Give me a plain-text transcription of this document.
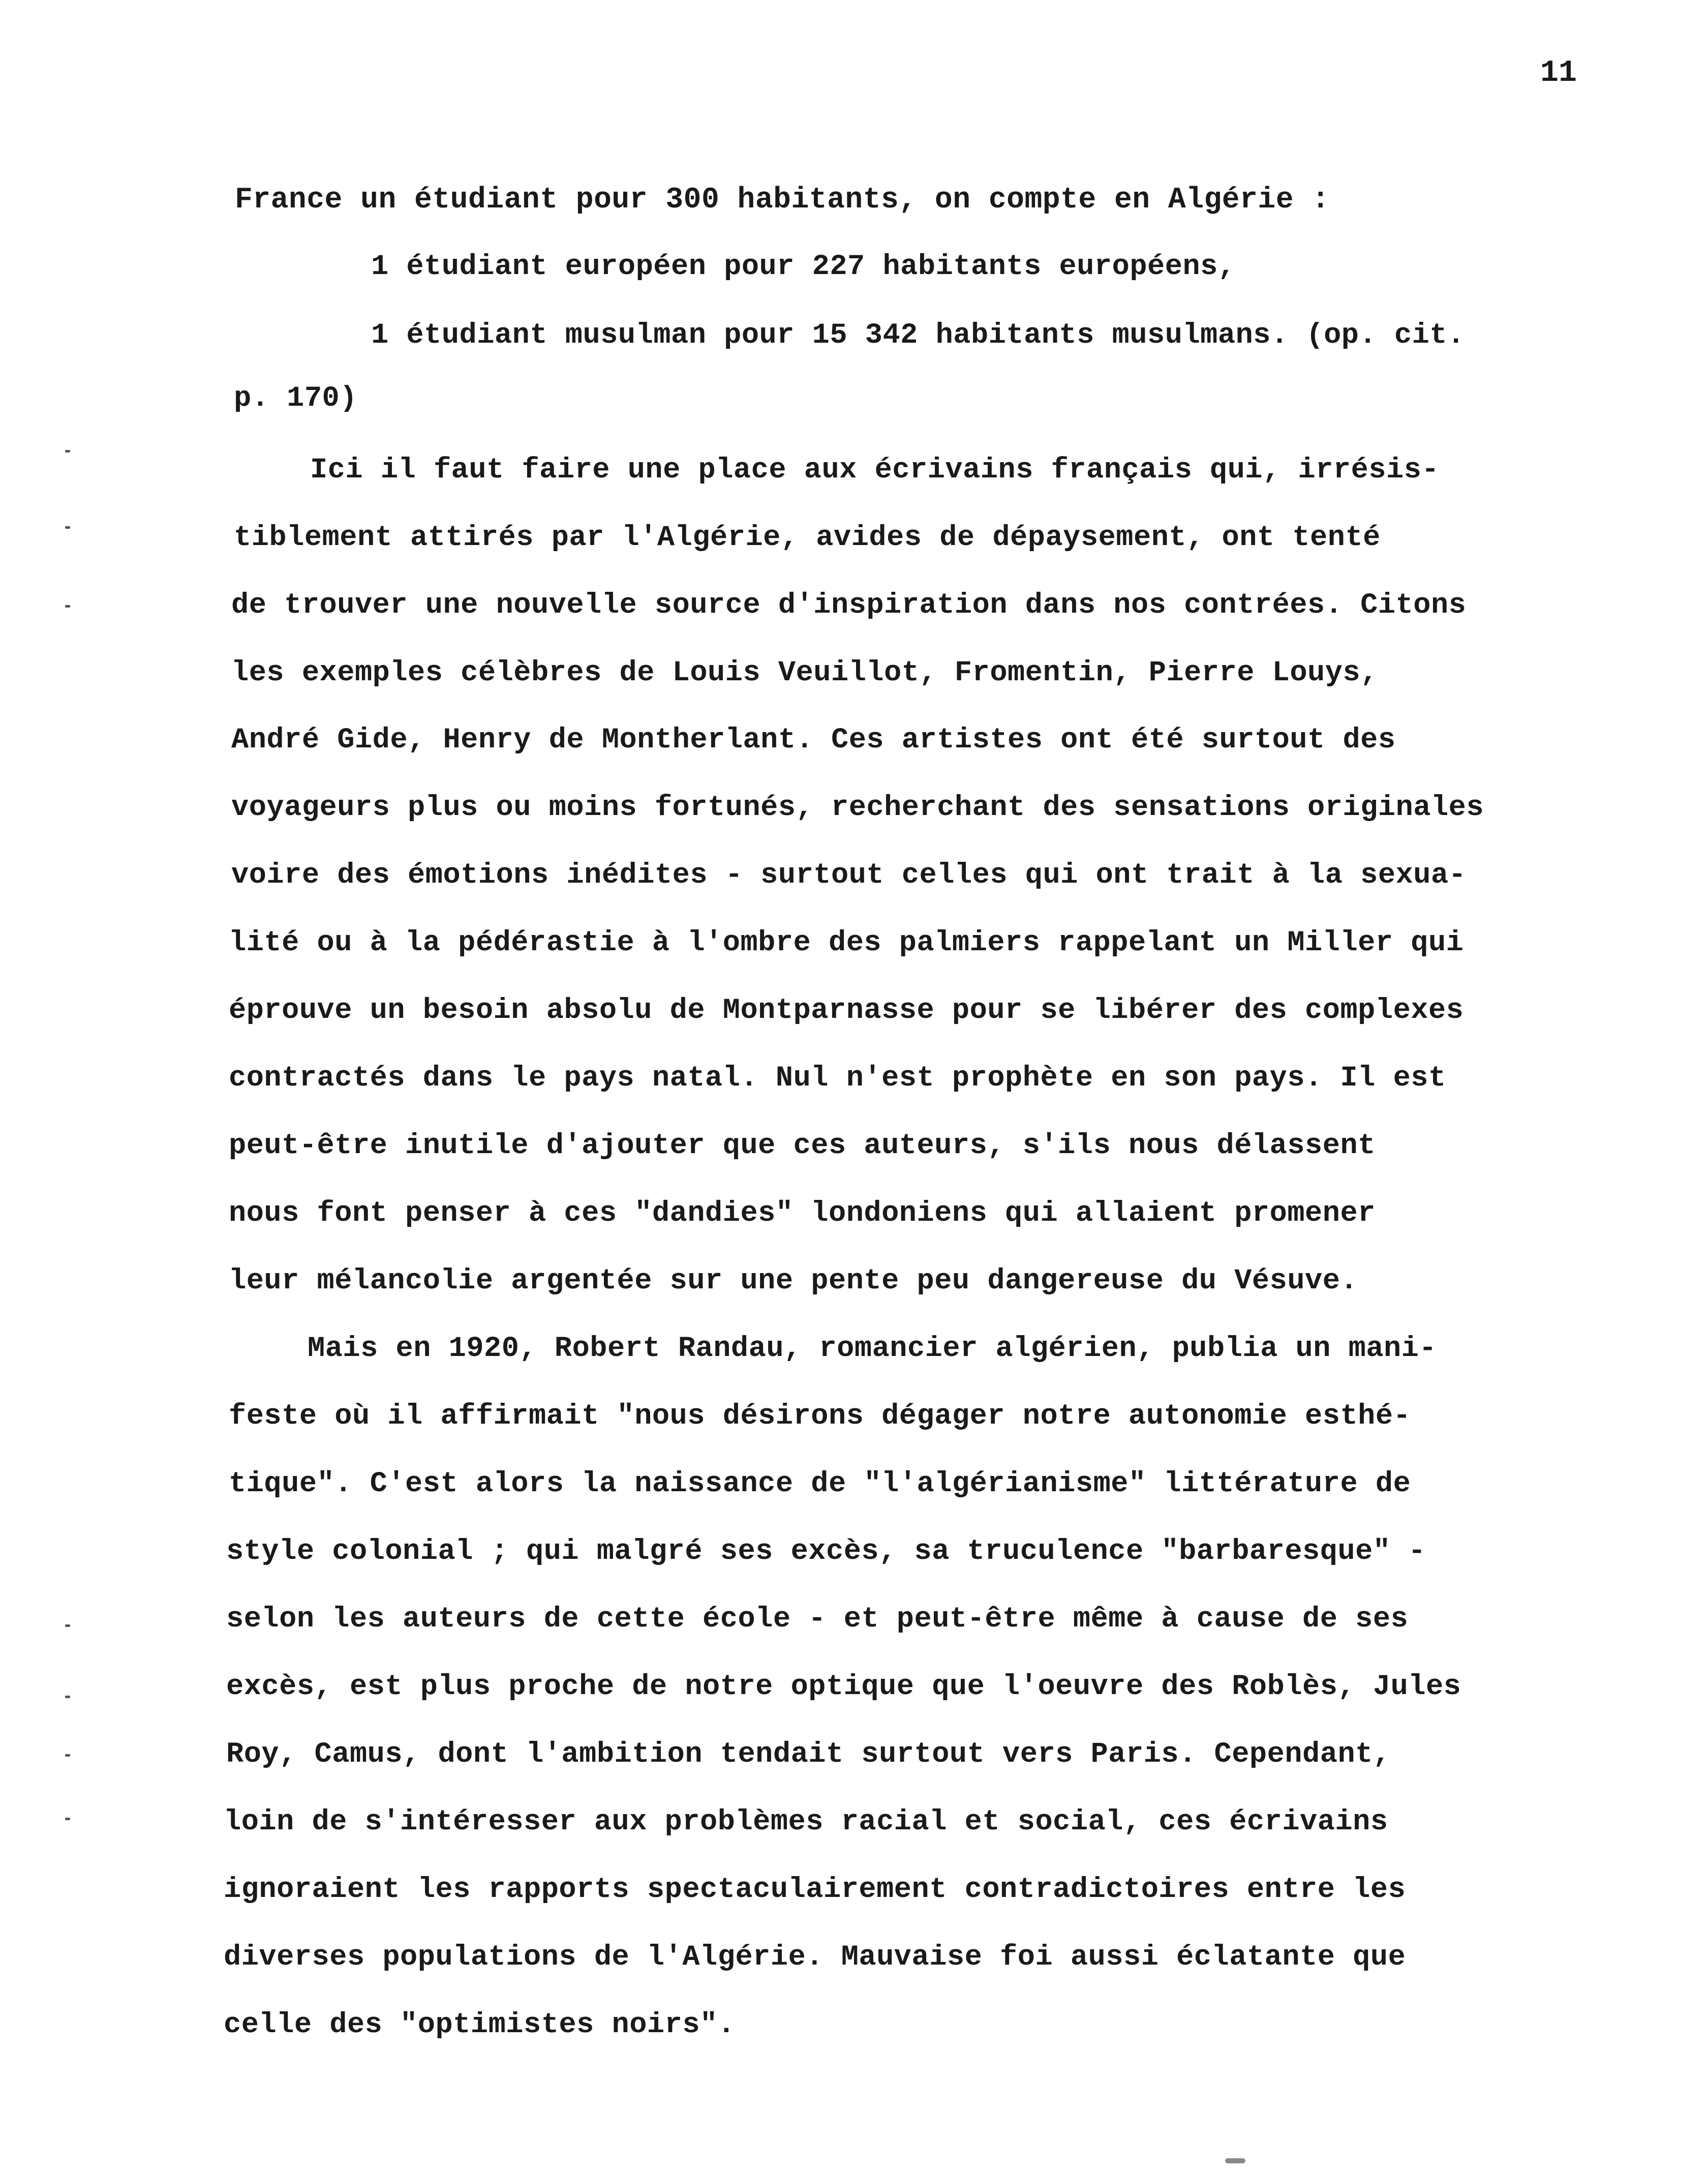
11
France un étudiant pour 300 habitants, on compte en Algérie :
1 étudiant européen pour 227 habitants européens,
1 étudiant musulman pour 15 342 habitants musulmans. (op. cit.
p. 170)
Ici il faut faire une place aux écrivains français qui, irrésis-
tiblement attirés par l'Algérie, avides de dépaysement, ont tenté
de trouver une nouvelle source d'inspiration dans nos contrées. Citons
les exemples célèbres de Louis Veuillot, Fromentin, Pierre Louys,
André Gide, Henry de Montherlant. Ces artistes ont été surtout des
voyageurs plus ou moins fortunés, recherchant des sensations originales
voire des émotions inédites - surtout celles qui ont trait à la sexua-
lité ou à la pédérastie à l'ombre des palmiers rappelant un Miller qui
éprouve un besoin absolu de Montparnasse pour se libérer des complexes
contractés dans le pays natal. Nul n'est prophète en son pays. Il est
peut-être inutile d'ajouter que ces auteurs, s'ils nous délassent
nous font penser à ces "dandies" londoniens qui allaient promener
leur mélancolie argentée sur une pente peu dangereuse du Vésuve.
Mais en 1920, Robert Randau, romancier algérien, publia un mani-
feste où il affirmait "nous désirons dégager notre autonomie esthé-
tique". C'est alors la naissance de "l'algérianisme" littérature de
style colonial ; qui malgré ses excès, sa truculence "barbaresque" -
selon les auteurs de cette école - et peut-être même à cause de ses
excès, est plus proche de notre optique que l'oeuvre des Roblès, Jules
Roy, Camus, dont l'ambition tendait surtout vers Paris. Cependant,
loin de s'intéresser aux problèmes racial et social, ces écrivains
ignoraient les rapports spectaculairement contradictoires entre les
diverses populations de l'Algérie. Mauvaise foi aussi éclatante que
celle des "optimistes noirs".
